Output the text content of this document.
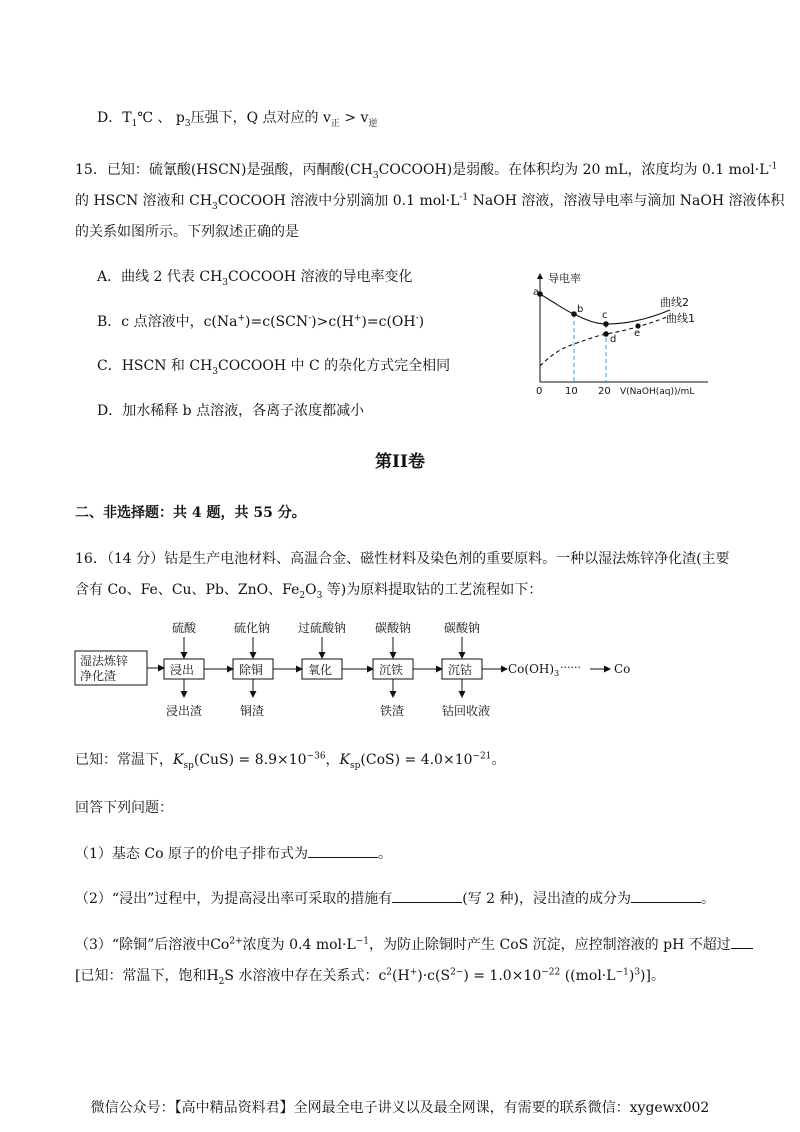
D．$T_1℃$ 、 $p_3$压强下，Q 点对应的 $v_正 > v_逆$
15．已知：硫氰酸(HSCN)是强酸，丙酮酸$(CH_3COCOOH)$是弱酸。在体积均为 20 mL，浓度均为 0.1 $mol\cdot L^{-1}$
的 HSCN 溶液和 $CH_3COCOOH$ 溶液中分别滴加 0.1 $mol\cdot L^{-1}$ NaOH 溶液，溶液导电率与滴加 NaOH 溶液体积
的关系如图所示。下列叙述正确的是
A．曲线 2 代表 $CH_3COCOOH$ 溶液的导电率变化
B．c 点溶液中，c(Na+)=c(SCN-)>c(H+)=c(OH-)
C．HSCN 和 $CH_3COCOOH$ 中 C 的杂化方式完全相同
D．加水稀释 b 点溶液，各离子浓度都减小
导电率
V(NaOH(aq))/mL
0 10 20
a
b
c
d
e
曲线2
曲线1
第II卷
二、非选择题：共 4 题，共 55 分。
16．（14 分）钴是生产电池材料、高温合金、磁性材料及染色剂的重要原料。一种以湿法炼锌净化渣(主要
含有 Co、Fe、Cu、Pb、ZnO、$Fe_2O_3$ 等)为原料提取钴的工艺流程如下：
湿法炼锌
净化渣	浸出
硫酸
浸出渣
除铜
硫化钠
铜渣
氧化
过硫酸钠
沉铁
碳酸钠
铁渣
沉钴
碳酸钠
钴回收液
$Co(OH)_3$ ······	Co
已知：常温下，$K_{sp}(CuS) = 8.9\times 10^{-36}$，$K_{sp}(CoS) = 4.0\times 10^{-21}$。
回答下列问题：
（1）基态 Co 原子的价电子排布式为	。
（2）“浸出”过程中，为提高浸出率可采取的措施有	(写 2 种)，浸出渣的成分为	。
（3）“除铜”后溶液中$Co^{2+}$浓度为 0.4 $mol\cdot L^{-1}$，为防止除铜时产生 CoS 沉淀，应控制溶液的 pH 不超过
[已知：常温下，饱和$H_2S$ 水溶液中存在关系式：$c^2(H^+)\cdot c(S^{2-}) = 1.0\times 10^{-22}$ $((mol\cdot L^{-1})^3)$]。
微信公众号：【高中精品资料君】全网最全电子讲义以及最全网课，有需要的联系微信：xygewx002
